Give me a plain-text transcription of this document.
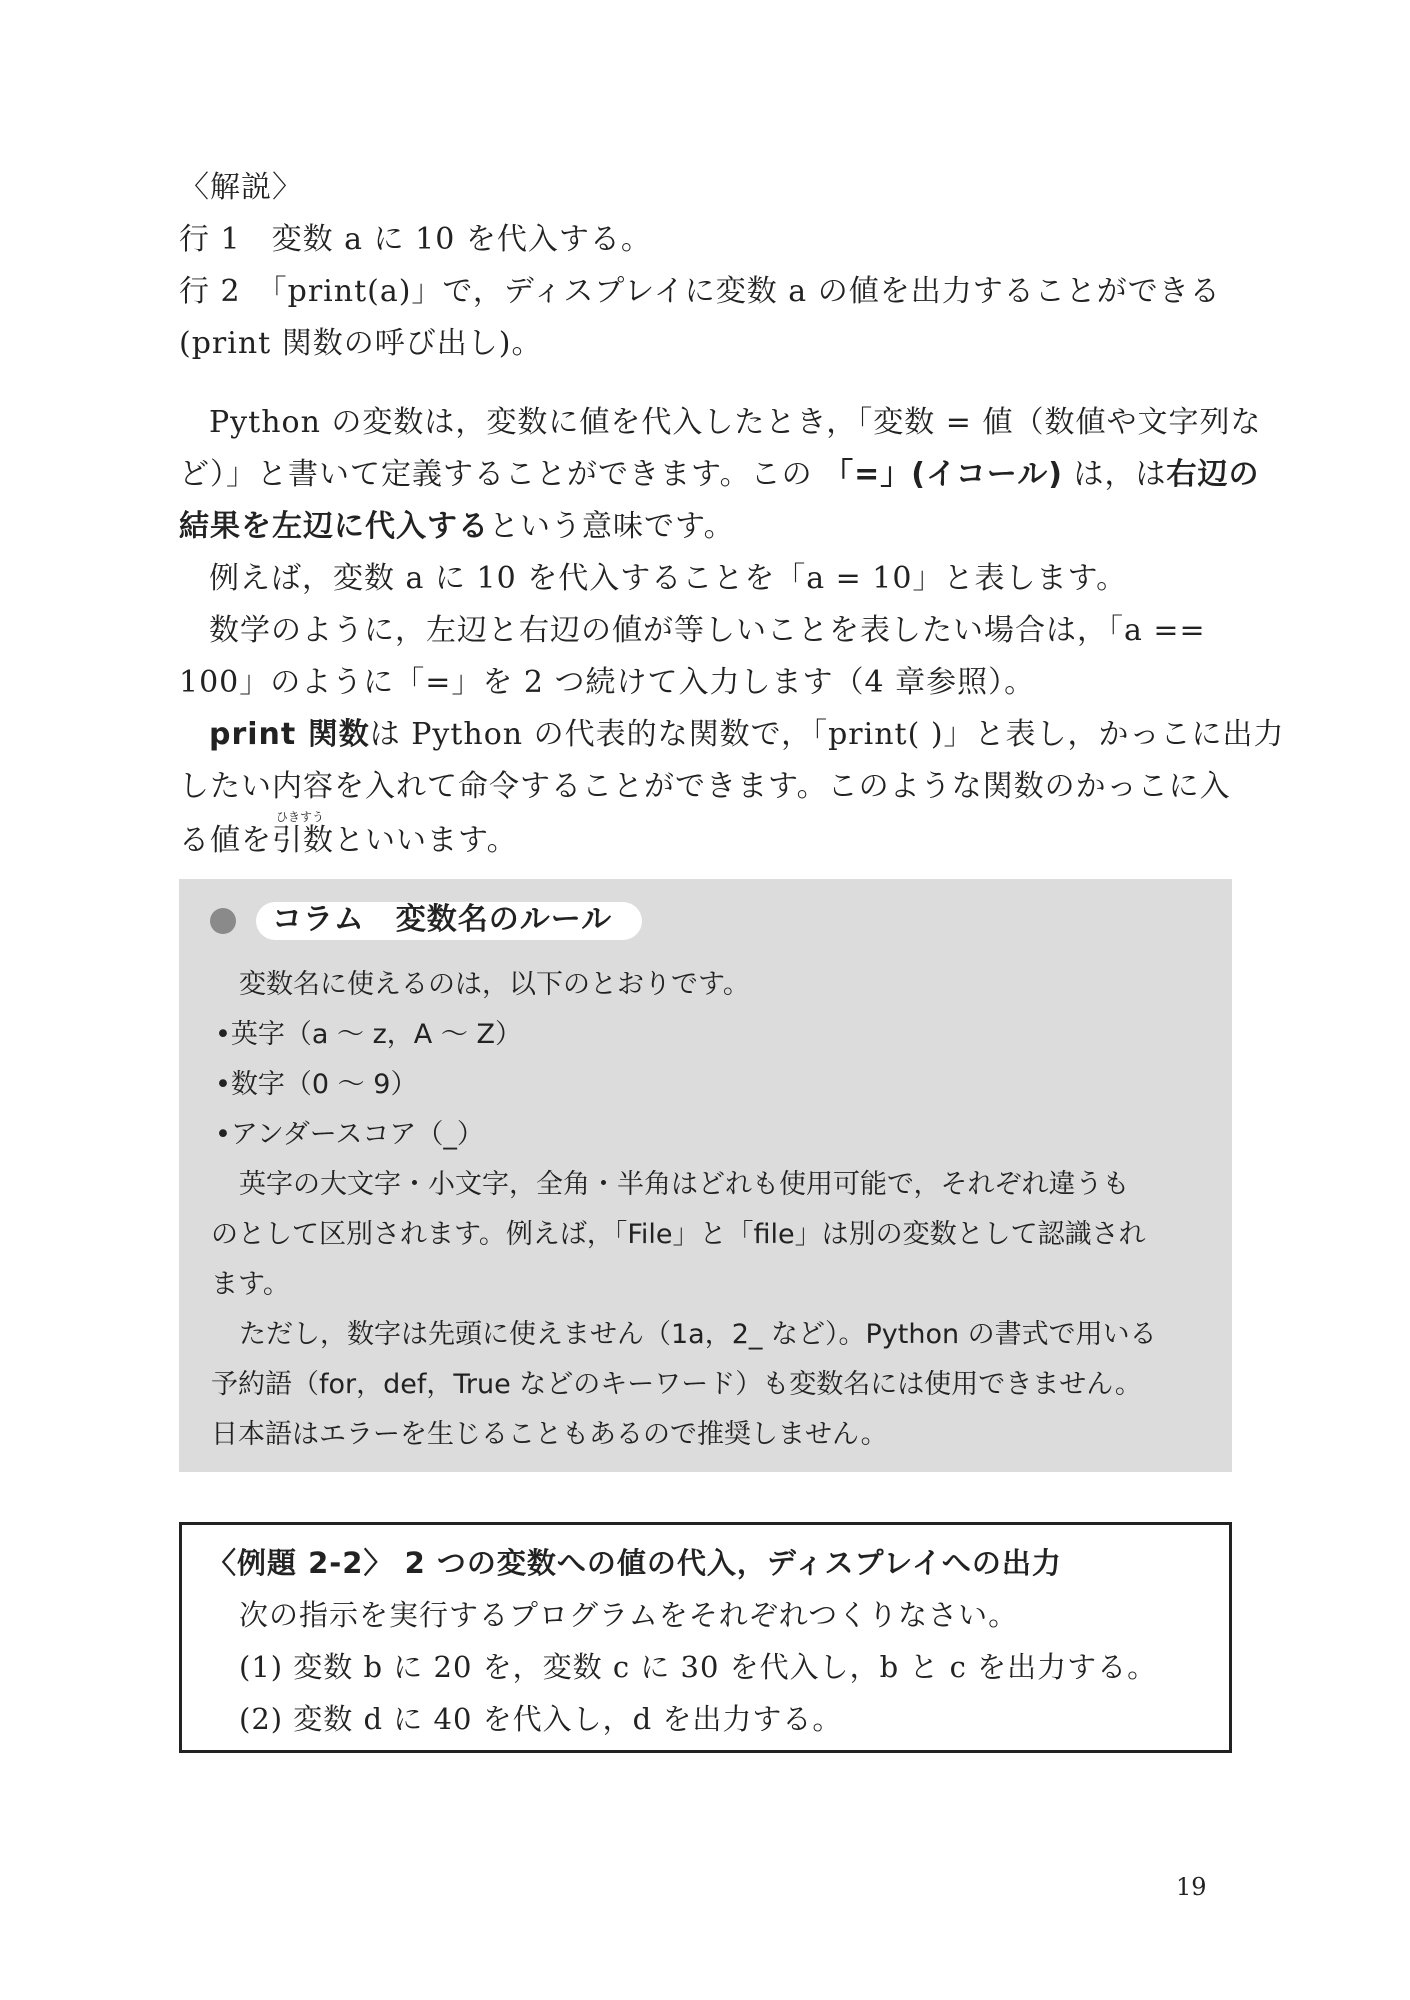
〈解説〉
行 1　変数 a に 10 を代入する。
行 2　「print(a)」で，ディスプレイに変数 a の値を出力することができる
(print 関数の呼び出し)。
Python の変数は，変数に値を代入したとき，「変数 = 値（数値や文字列な
ど）」と書いて定義することができます。この 「=」(イコール) は，は右辺の
結果を左辺に代入するという意味です。
例えば，変数 a に 10 を代入することを「a = 10」と表します。
数学のように，左辺と右辺の値が等しいことを表したい場合は，「a ==
100」のように「=」を 2 つ続けて入力します（4 章参照）。
print 関数は Python の代表的な関数で，「print( )」と表し，かっこに出力
したい内容を入れて命令することができます。このような関数のかっこに入
る値を
ひきすう
引数といいます。
コラム　変数名のルール
変数名に使えるのは，以下のとおりです。
•英字（a ～ z，A ～ Z）
•数字（0 ～ 9）
•アンダースコア（_）
英字の大文字・小文字，全角・半角はどれも使用可能で，それぞれ違うも
のとして区別されます。例えば，「File」と「file」は別の変数として認識され
ます。
ただし，数字は先頭に使えません（1a，2_ など）。Python の書式で用いる
予約語（for，def，True などのキーワード）も変数名には使用できません。
日本語はエラーを生じることもあるので推奨しません。
〈例題 2-2〉 2 つの変数への値の代入，ディスプレイへの出力
次の指示を実行するプログラムをそれぞれつくりなさい。
(1) 変数 b に 20 を，変数 c に 30 を代入し，b と c を出力する。
(2) 変数 d に 40 を代入し，d を出力する。
19
